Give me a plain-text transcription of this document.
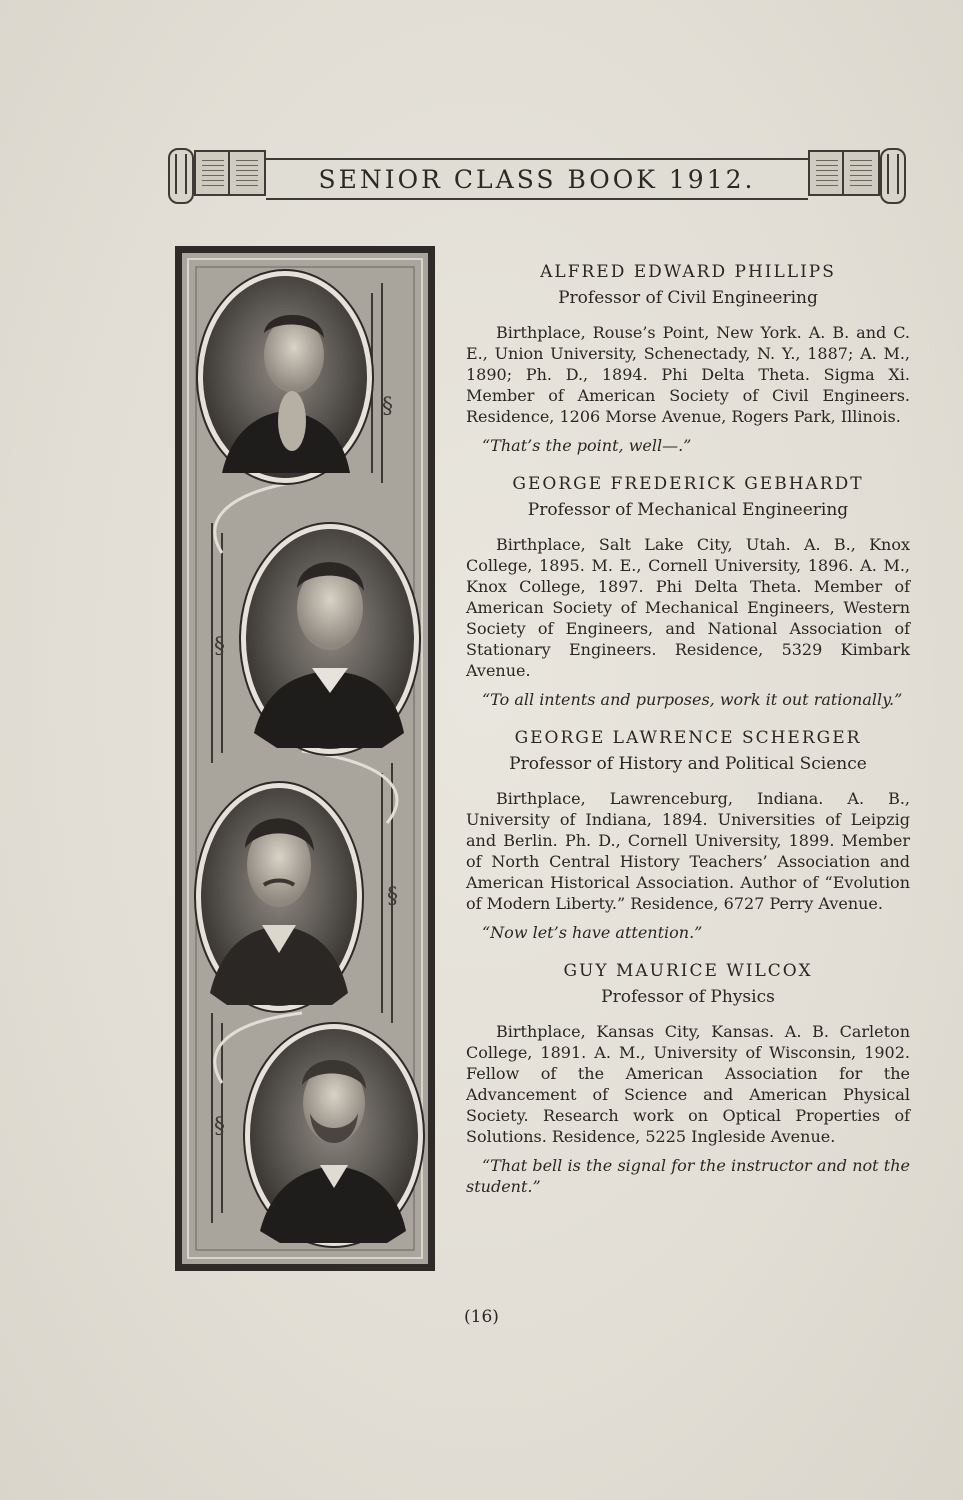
SENIOR CLASS BOOK 1912.
§
§
§
§
ALFRED EDWARD PHILLIPS
Professor of Civil Engineering

Birthplace, Rouse’s Point, New York. A. B. and C. E., Union University, Schenectady, N. Y., 1887; A. M., 1890; Ph. D., 1894. Phi Delta Theta. Sigma Xi. Member of American Society of Civil Engineers. Residence, 1206 Morse Avenue, Rogers Park, Illinois.

“That’s the point, well—.”

GEORGE FREDERICK GEBHARDT
Professor of Mechanical Engineering

Birthplace, Salt Lake City, Utah. A. B., Knox College, 1895. M. E., Cornell University, 1896. A. M., Knox College, 1897. Phi Delta Theta. Member of American Society of Mechanical Engineers, Western Society of Engineers, and National Association of Stationary Engineers. Residence, 5329 Kimbark Avenue.

“To all intents and purposes, work it out rationally.”

GEORGE LAWRENCE SCHERGER
Professor of History and Political Science

Birthplace, Lawrenceburg, Indiana. A. B., University of Indiana, 1894. Universities of Leipzig and Berlin. Ph. D., Cornell University, 1899. Member of North Central History Teachers’ Association and American Historical Association. Author of “Evolution of Modern Liberty.” Residence, 6727 Perry Avenue.

“Now let’s have attention.”

GUY MAURICE WILCOX
Professor of Physics

Birthplace, Kansas City, Kansas. A. B. Carleton College, 1891. A. M., University of Wisconsin, 1902. Fellow of the American Association for the Advancement of Science and American Physical Society. Research work on Optical Properties of Solutions. Residence, 5225 Ingleside Avenue.

“That bell is the signal for the instructor and not the student.”

(16)
